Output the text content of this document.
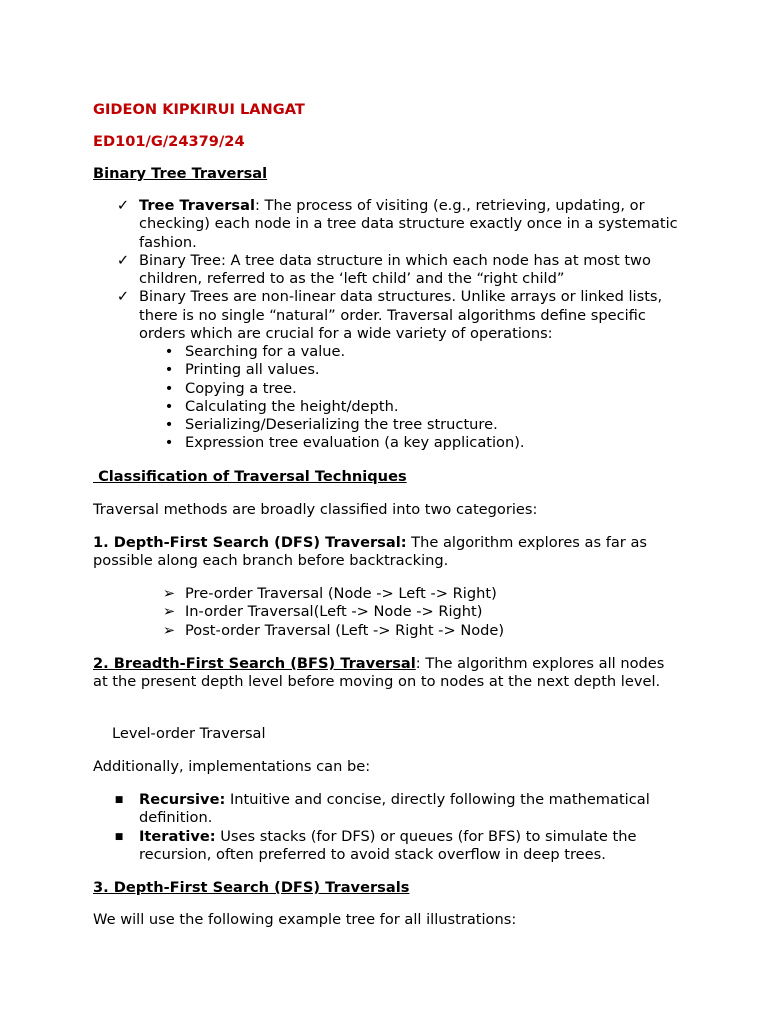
GIDEON KIPKIRUI LANGAT

ED101/G/24379/24

Binary Tree Traversal

✓ Tree Traversal: The process of visiting (e.g., retrieving, updating, or checking) each node in a tree data structure exactly once in a systematic fashion.
✓ Binary Tree: A tree data structure in which each node has at most two children, referred to as the ‘left child’ and the “right child”
✓ Binary Trees are non-linear data structures. Unlike arrays or linked lists, there is no single “natural” order. Traversal algorithms define specific orders which are crucial for a wide variety of operations:
• Searching for a value.
• Printing all values.
• Copying a tree.
• Calculating the height/depth.
• Serializing/Deserializing the tree structure.
• Expression tree evaluation (a key application).

Classification of Traversal Techniques

Traversal methods are broadly classified into two categories:

1. Depth-First Search (DFS) Traversal: The algorithm explores as far as possible along each branch before backtracking.

➢ Pre-order Traversal (Node -> Left -> Right)
➢ In-order Traversal(Left -> Node -> Right)
➢ Post-order Traversal (Left -> Right -> Node)

2. Breadth-First Search (BFS) Traversal: The algorithm explores all nodes at the present depth level before moving on to nodes at the next depth level.

Level-order Traversal

Additionally, implementations can be:

■	Recursive: Intuitive and concise, directly following the mathematical definition.
■	Iterative: Uses stacks (for DFS) or queues (for BFS) to simulate the recursion, often preferred to avoid stack overflow in deep trees.

3. Depth-First Search (DFS) Traversals

We will use the following example tree for all illustrations:
